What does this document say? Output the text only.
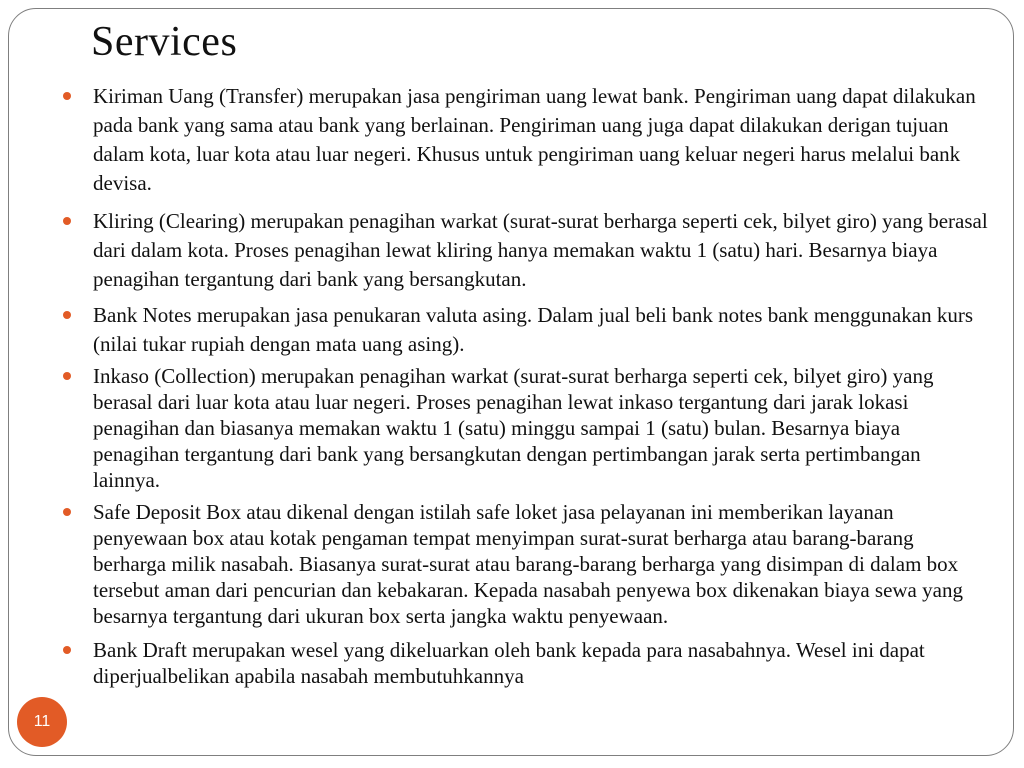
Services
Kiriman Uang (Transfer) merupakan jasa pengiriman uang lewat bank. Pengiriman uang dapat dilakukan pada bank yang sama atau bank yang berlainan. Pengiriman uang juga dapat dilakukan derigan tujuan dalam kota, luar kota atau luar negeri. Khusus untuk pengiriman uang keluar negeri harus melalui bank devisa.
Kliring (Clearing) merupakan penagihan warkat (surat-surat berharga seperti cek, bilyet giro) yang berasal dari dalam kota. Proses penagihan lewat kliring hanya memakan waktu 1 (satu) hari. Besarnya biaya penagihan tergantung dari bank yang bersangkutan.
Bank Notes merupakan jasa penukaran valuta asing. Dalam jual beli bank notes bank menggunakan kurs (nilai tukar rupiah dengan mata uang asing).
Inkaso (Collection) merupakan penagihan warkat (surat-surat berharga seperti cek, bilyet giro) yang berasal dari luar kota atau luar negeri. Proses penagihan lewat inkaso tergantung dari jarak lokasi penagihan dan biasanya memakan waktu 1 (satu) minggu sampai 1 (satu) bulan. Besarnya biaya penagihan tergantung dari bank yang bersangkutan dengan pertimbangan jarak serta pertimbangan lainnya.
Safe Deposit Box atau dikenal dengan istilah safe loket jasa pelayanan ini memberikan layanan penyewaan box atau kotak pengaman tempat menyimpan surat-surat berharga atau barang-barang berharga milik nasabah. Biasanya surat-surat atau barang-barang berharga yang disimpan di dalam box tersebut aman dari pencurian dan kebakaran. Kepada nasabah penyewa box dikenakan biaya sewa yang besarnya tergantung dari ukuran box serta jangka waktu penyewaan.
Bank Draft merupakan wesel yang dikeluarkan oleh bank kepada para nasabahnya. Wesel ini dapat diperjualbelikan apabila nasabah membutuhkannya
11
